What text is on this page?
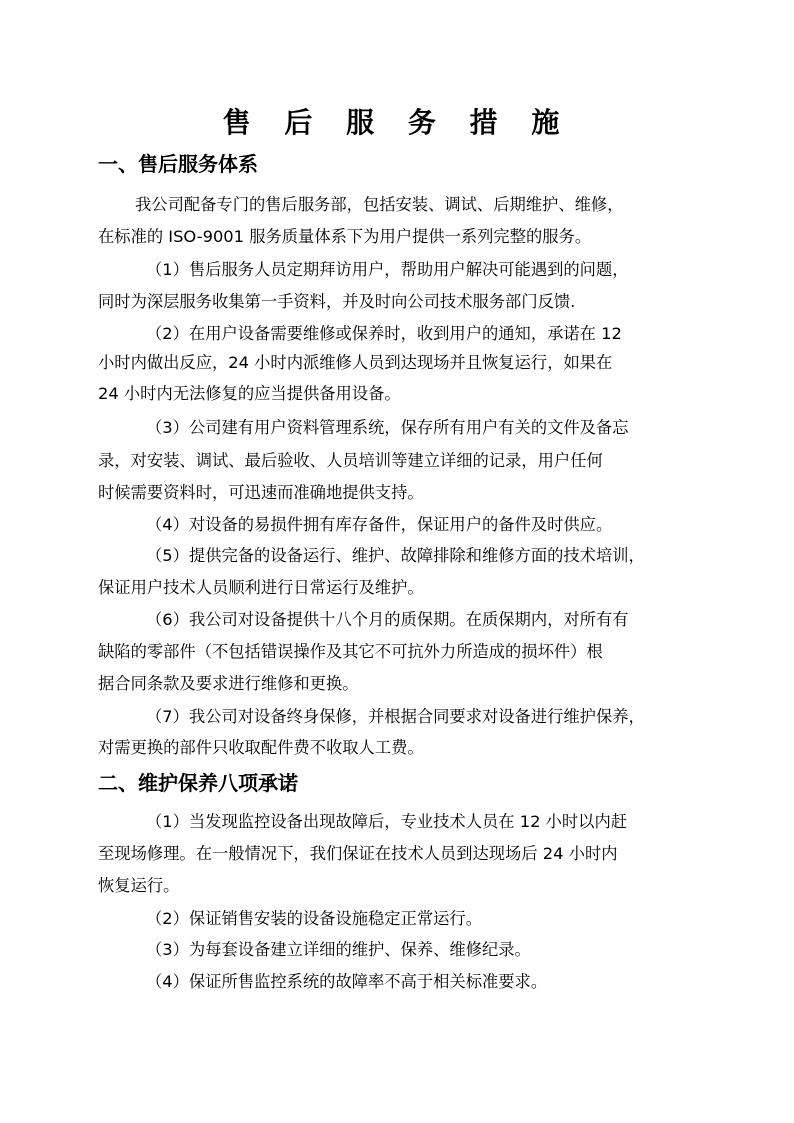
售 后 服 务 措 施
一、售后服务体系
我公司配备专门的售后服务部，包括安装、调试、后期维护、维修，
在标准的 ISO-9001 服务质量体系下为用户提供一系列完整的服务。
（1）售后服务人员定期拜访用户，帮助用户解决可能遇到的问题，
同时为深层服务收集第一手资料，并及时向公司技术服务部门反馈.
（2）在用户设备需要维修或保养时，收到用户的通知，承诺在 12
小时内做出反应，24 小时内派维修人员到达现场并且恢复运行，如果在
24 小时内无法修复的应当提供备用设备。
（3）公司建有用户资料管理系统，保存所有用户有关的文件及备忘
录，对安装、调试、最后验收、人员培训等建立详细的记录，用户任何
时候需要资料时，可迅速而准确地提供支持。
（4）对设备的易损件拥有库存备件，保证用户的备件及时供应。
（5）提供完备的设备运行、维护、故障排除和维修方面的技术培训，
保证用户技术人员顺利进行日常运行及维护。
（6）我公司对设备提供十八个月的质保期。在质保期内，对所有有
缺陷的零部件（不包括错误操作及其它不可抗外力所造成的损坏件）根
据合同条款及要求进行维修和更换。
（7）我公司对设备终身保修，并根据合同要求对设备进行维护保养，
对需更换的部件只收取配件费不收取人工费。
二、维护保养八项承诺
（1）当发现监控设备出现故障后，专业技术人员在 12 小时以内赶
至现场修理。在一般情况下，我们保证在技术人员到达现场后 24 小时内
恢复运行。
（2）保证销售安装的设备设施稳定正常运行。
（3）为每套设备建立详细的维护、保养、维修纪录。
（4）保证所售监控系统的故障率不高于相关标准要求。
